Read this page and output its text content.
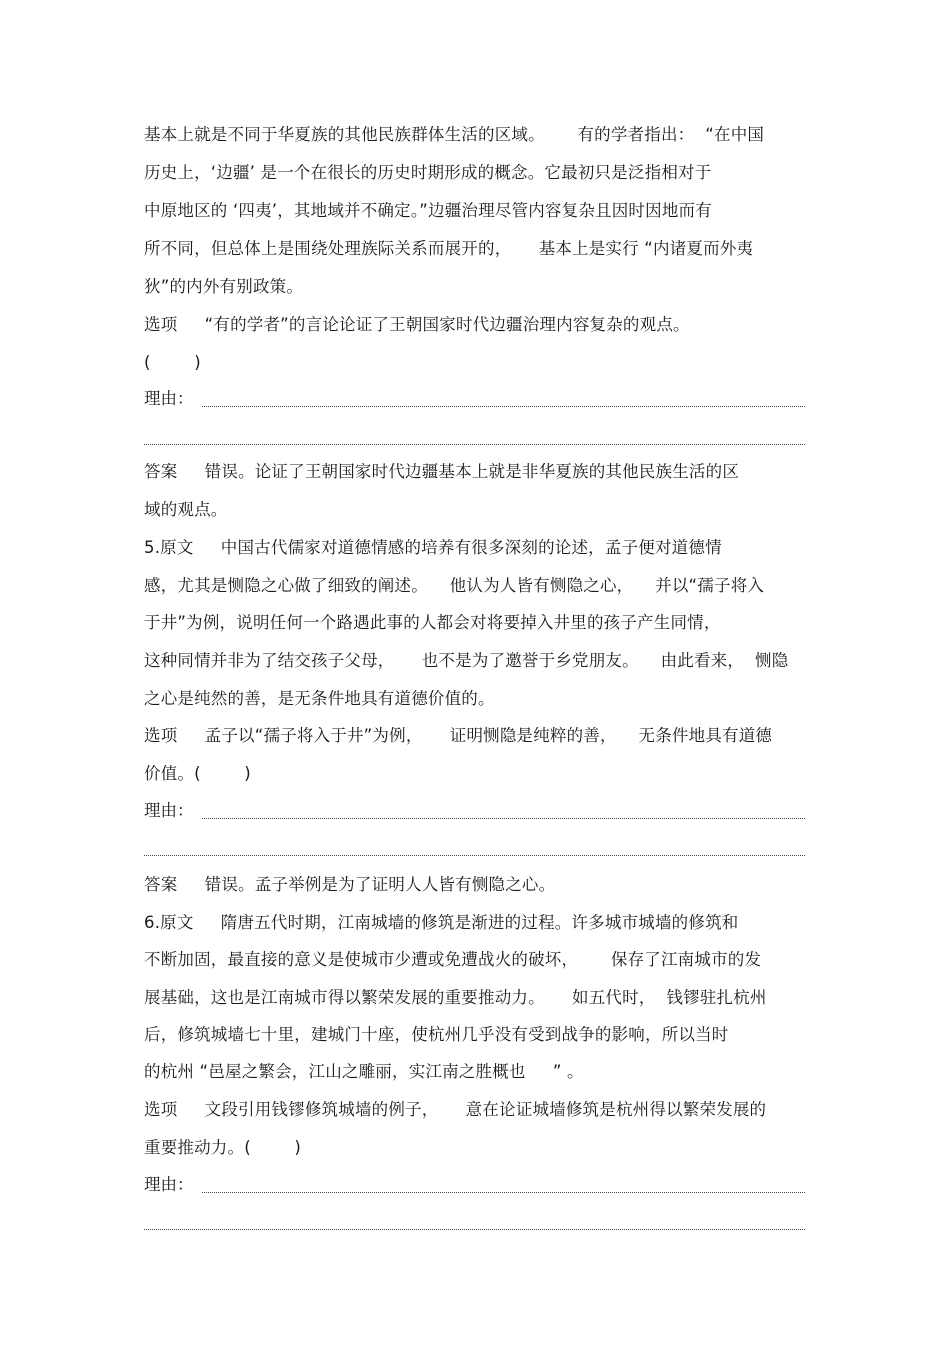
基本上就是不同于华夏族的其他民族群体生活的区域。      有的学者指出：  “在中国
历史上，‘边疆’ 是一个在很长的历史时期形成的概念。它最初只是泛指相对于
中原地区的 ‘四夷’，其地域并不确定。”边疆治理尽管内容复杂且因时因地而有
所不同，但总体上是围绕处理族际关系而展开的，     基本上是实行 “内诸夏而外夷
狄”的内外有别政策。
选项     “有的学者”的言论论证了王朝国家时代边疆治理内容复杂的观点。
(        )
理由：
答案     错误。论证了王朝国家时代边疆基本上就是非华夏族的其他民族生活的区
域的观点。
5.原文     中国古代儒家对道德情感的培养有很多深刻的论述，孟子便对道德情
感，尤其是恻隐之心做了细致的阐述。    他认为人皆有恻隐之心，    并以“孺子将入
于井”为例，说明任何一个路遇此事的人都会对将要掉入井里的孩子产生同情，
这种同情并非为了结交孩子父母，     也不是为了邀誉于乡党朋友。    由此看来，  恻隐
之心是纯然的善，是无条件地具有道德价值的。
选项     孟子以“孺子将入于井”为例，     证明恻隐是纯粹的善，    无条件地具有道德
价值。(        )
理由：
答案     错误。孟子举例是为了证明人人皆有恻隐之心。
6.原文     隋唐五代时期，江南城墙的修筑是渐进的过程。许多城市城墙的修筑和
不断加固，最直接的意义是使城市少遭或免遭战火的破坏，      保存了江南城市的发
展基础，这也是江南城市得以繁荣发展的重要推动力。     如五代时，  钱镠驻扎杭州
后，修筑城墙七十里，建城门十座，使杭州几乎没有受到战争的影响，所以当时
的杭州 “邑屋之繁会，江山之雕丽，实江南之胜概也     ” 。
选项     文段引用钱镠修筑城墙的例子，     意在论证城墙修筑是杭州得以繁荣发展的
重要推动力。(        )
理由：
